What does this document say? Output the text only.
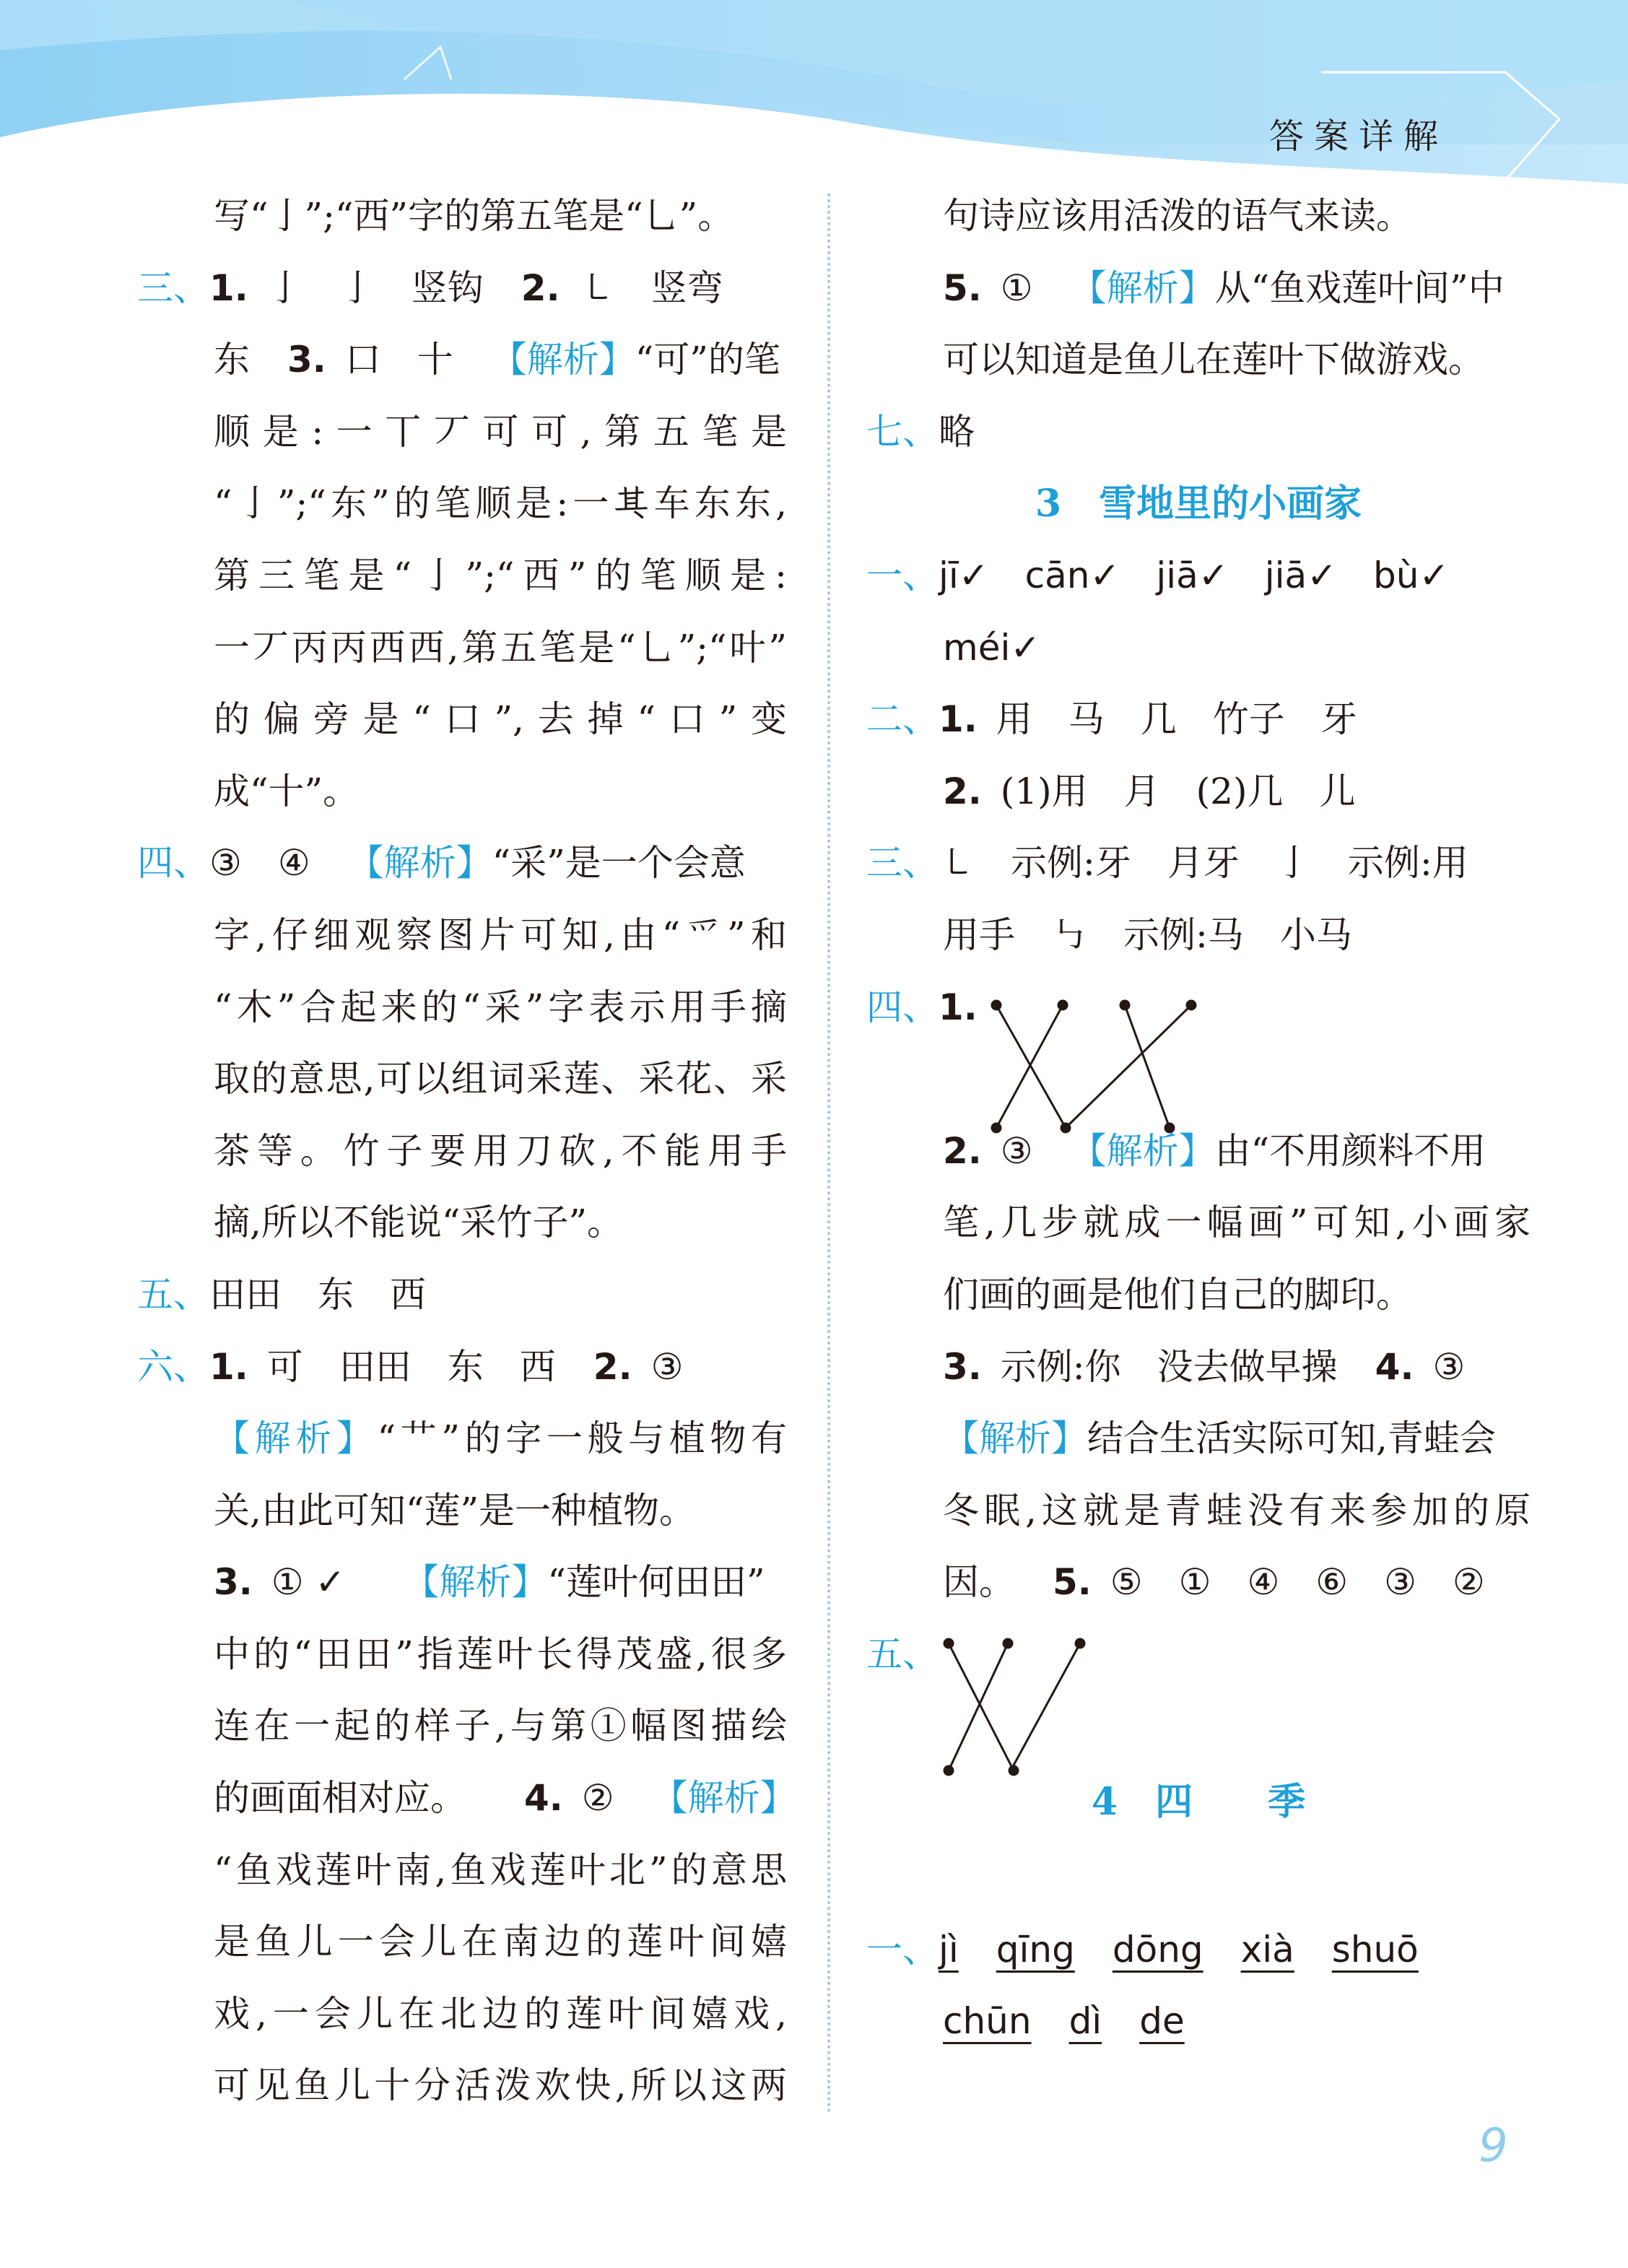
答案详解
写“亅”;“西”字的第五笔是“乚”。
三、1. 亅　亅　竖钩 2. ㇄　竖弯
东 3. 口　十 【解析】“可”的笔
顺是:一丅丆可可,第五笔是
“亅”;“东”的笔顺是:一𠀪车东东,
第三笔是“亅”;“西”的笔顺是:
一丆丙丙西西,第五笔是“乚”;“叶”
的偏旁是“口”,去掉“口”变
成“十”。
四、③　④ 【解析】“采”是一个会意
字,仔细观察图片可知,由“爫”和
“木”合起来的“采”字表示用手摘
取的意思,可以组词采莲、采花、采
茶等。竹子要用刀砍,不能用手
摘,所以不能说“采竹子”。
五、田田　东　西
六、1. 可　田田　东　西 2. ③
【解析】“艹”的字一般与植物有
关,由此可知“莲”是一种植物。
3. ① ✓ 【解析】“莲叶何田田”
中的“田田”指莲叶长得茂盛,很多
连在一起的样子,与第①幅图描绘
的画面相对应。 4. ② 【解析】
“鱼戏莲叶南,鱼戏莲叶北”的意思
是鱼儿一会儿在南边的莲叶间嬉
戏,一会儿在北边的莲叶间嬉戏,
可见鱼儿十分活泼欢快,所以这两
句诗应该用活泼的语气来读。
5. ① 【解析】从“鱼戏莲叶间”中
可以知道是鱼儿在莲叶下做游戏。
七、略
3　雪地里的小画家
一、jī✓　cān✓　jiā✓　jiā✓　bù✓
méi✓
二、1. 用　马　几　竹子　牙
2. (1)用　月　(2)几　儿
三、㇄　示例:牙　月牙　亅　示例:用
用手　㇉　示例:马　小马
四、1.
2. ③ 【解析】由“不用颜料不用
笔,几步就成一幅画”可知,小画家
们画的画是他们自己的脚印。
3. 示例:你　没去做早操 4. ③
【解析】结合生活实际可知,青蛙会
冬眠,这就是青蛙没有来参加的原
因。 5. ⑤　①　④　⑥　③　②
五、
4　四　　季
一、jì qīng dōng xià shuō
chūn dì de
9
